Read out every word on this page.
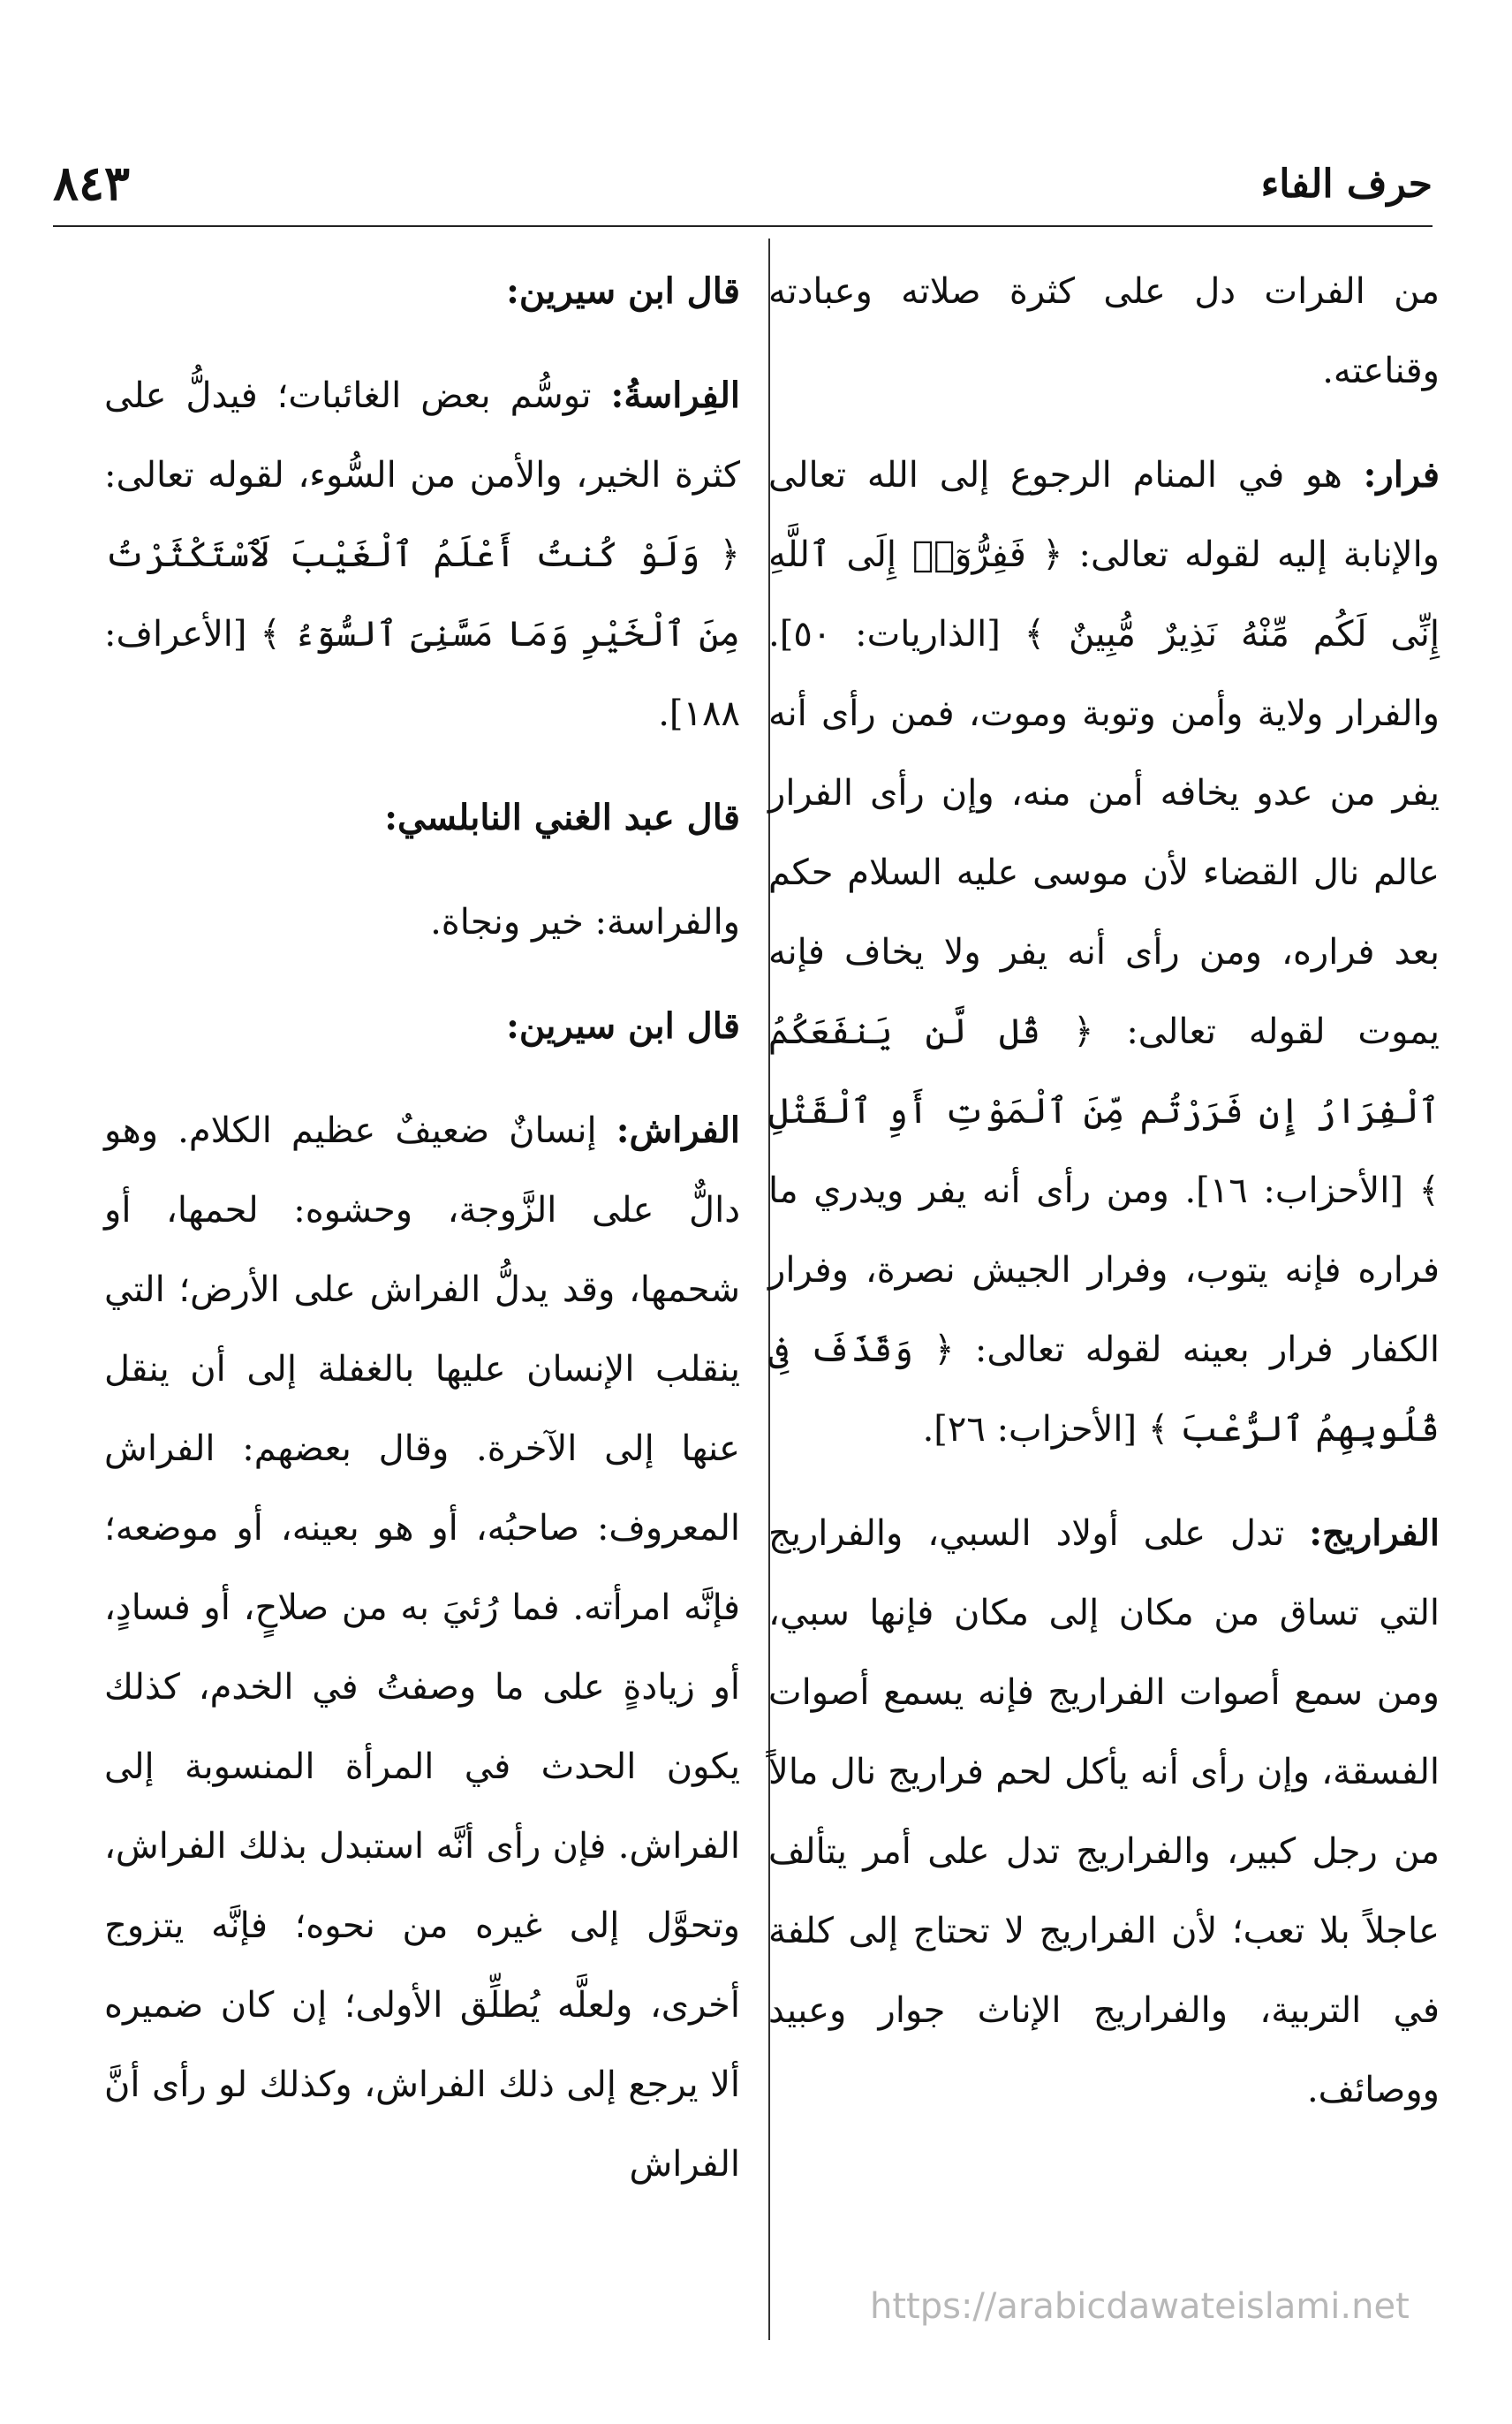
حرف الفاء
٨٤٣

من الفرات دل على كثرة صلاته وعبادته وقناعته.

فرار: هو في المنام الرجوع إلى الله تعالى والإنابة إليه لقوله تعالى: ﴿ فَفِرُّوٓا۟ إِلَى ٱللَّهِ إِنِّى لَكُم مِّنْهُ نَذِيرٌ مُّبِينٌ ﴾ [الذاريات: ٥٠]. والفرار ولاية وأمن وتوبة وموت، فمن رأى أنه يفر من عدو يخافه أمن منه، وإن رأى الفرار عالم نال القضاء لأن موسى عليه السلام حكم بعد فراره، ومن رأى أنه يفر ولا يخاف فإنه يموت لقوله تعالى: ﴿ قُل لَّن يَنفَعَكُمُ ٱلْفِرَارُ إِن فَرَرْتُم مِّنَ ٱلْمَوْتِ أَوِ ٱلْقَتْلِ ﴾ [الأحزاب: ١٦]. ومن رأى أنه يفر ويدري ما فراره فإنه يتوب، وفرار الجيش نصرة، وفرار الكفار فرار بعينه لقوله تعالى: ﴿ وَقَذَفَ فِى قُلُوبِهِمُ ٱلرُّعْبَ ﴾ [الأحزاب: ٢٦].

الفراريج: تدل على أولاد السبي، والفراريج التي تساق من مكان إلى مكان فإنها سبي، ومن سمع أصوات الفراريج فإنه يسمع أصوات الفسقة، وإن رأى أنه يأكل لحم فراريج نال مالاً من رجل كبير، والفراريج تدل على أمر يتألف عاجلاً بلا تعب؛ لأن الفراريج لا تحتاج إلى كلفة في التربية، والفراريج الإناث جوار وعبيد ووصائف.

قال ابن سيرين:

الفِراسةُ: توسُّم بعض الغائبات؛ فيدلُّ على كثرة الخير، والأمن من السُّوء، لقوله تعالى: ﴿ وَلَوْ كُنتُ أَعْلَمُ ٱلْغَيْبَ لَٱسْتَكْثَرْتُ مِنَ ٱلْخَيْرِ وَمَا مَسَّنِىَ ٱلسُّوٓءُ ﴾ [الأعراف: ١٨٨].

قال عبد الغني النابلسي:

والفراسة: خير ونجاة.

قال ابن سيرين:

الفراش: إنسانٌ ضعيفٌ عظيم الكلام. وهو دالٌّ على الزَّوجة، وحشوه: لحمها، أو شحمها، وقد يدلُّ الفراش على الأرض؛ التي ينقلب الإنسان عليها بالغفلة إلى أن ينقل عنها إلى الآخرة. وقال بعضهم: الفراش المعروف: صاحبُه، أو هو بعينه، أو موضعه؛ فإنَّه امرأته. فما رُئيَ به من صلاحٍ، أو فسادٍ، أو زيادةٍ على ما وصفتُ في الخدم، كذلك يكون الحدث في المرأة المنسوبة إلى الفراش. فإن رأى أنَّه استبدل بذلك الفراش، وتحوَّل إلى غيره من نحوه؛ فإنَّه يتزوج أخرى، ولعلَّه يُطلِّق الأولى؛ إن كان ضميره ألا يرجع إلى ذلك الفراش، وكذلك لو رأى أنَّ الفراش

https://arabicdawateislami.net
